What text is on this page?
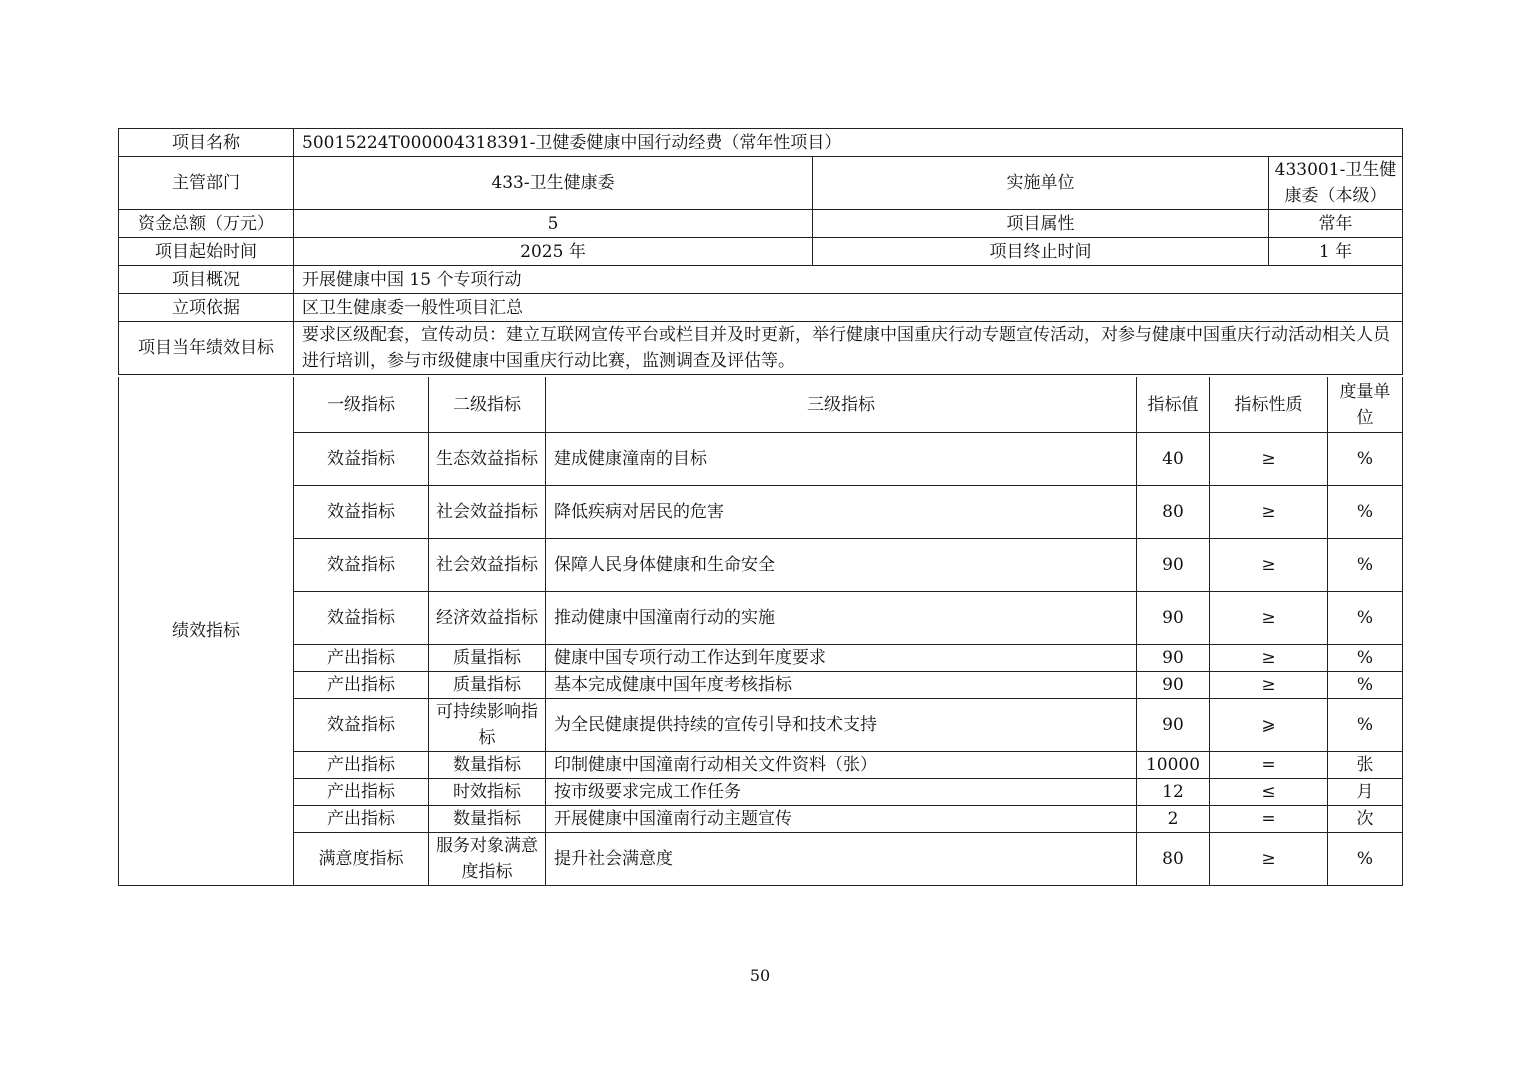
项目名称	50015224T000004318391-卫健委健康中国行动经费（常年性项目）		
主管部门	433-卫生健康委	实施单位	433001-卫生健康委（本级）
资金总额（万元）	5	项目属性	常年
项目起始时间	2025 年	项目终止时间	1 年
项目概况	开展健康中国 15 个专项行动		
立项依据	区卫生健康委一般性项目汇总		
项目当年绩效目标	要求区级配套，宣传动员：建立互联网宣传平台或栏目并及时更新，举行健康中国重庆行动专题宣传活动，对参与健康中国重庆行动活动相关人员进行培训，参与市级健康中国重庆行动比赛，监测调查及评估等。		
绩效指标	一级指标	二级指标	三级指标	指标值	指标性质	度量单位
	效益指标	生态效益指标	建成健康潼南的目标	40	≥	%
	效益指标	社会效益指标	降低疾病对居民的危害	80	≥	%
	效益指标	社会效益指标	保障人民身体健康和生命安全	90	≥	%
	效益指标	经济效益指标	推动健康中国潼南行动的实施	90	≥	%
	产出指标	质量指标	健康中国专项行动工作达到年度要求	90	≥	%
	产出指标	质量指标	基本完成健康中国年度考核指标	90	≥	%
	效益指标	可持续影响指标	为全民健康提供持续的宣传引导和技术支持	90	⩾	%
	产出指标	数量指标	印制健康中国潼南行动相关文件资料（张）	10000	=	张
	产出指标	时效指标	按市级要求完成工作任务	12	≤	月
	产出指标	数量指标	开展健康中国潼南行动主题宣传	2	=	次
	满意度指标	服务对象满意度指标	提升社会满意度	80	≥	%
50
